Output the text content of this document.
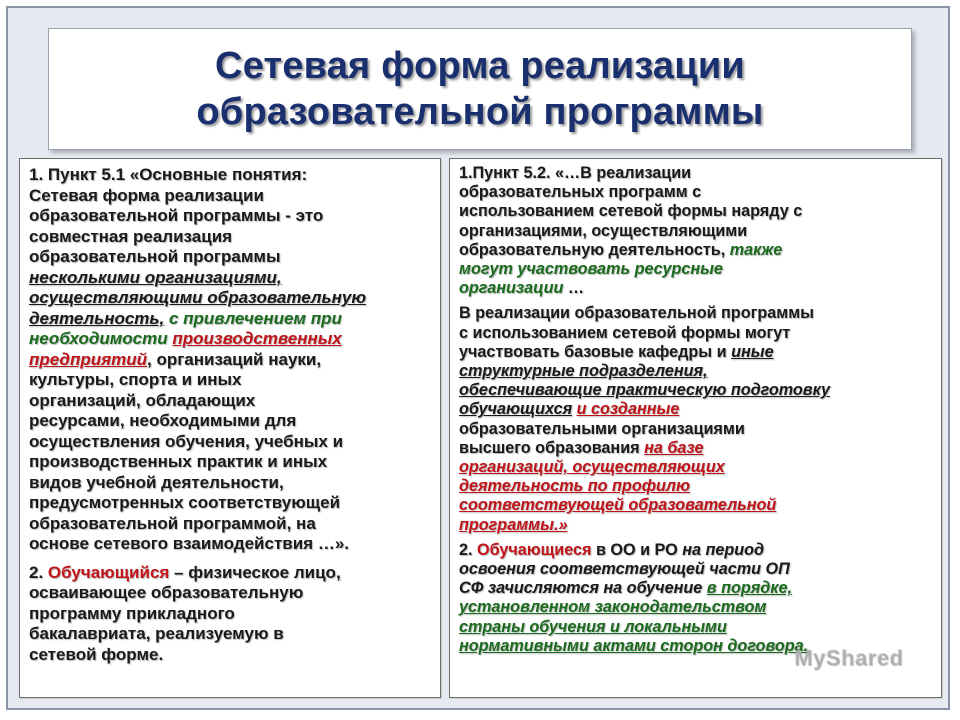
Сетевая форма реализации
образовательной программы
1. Пункт 5.1 «Основные понятия:
Сетевая форма реализации
образовательной программы - это
совместная реализация
образовательной программы
несколькими организациями,
осуществляющими образовательную
деятельность, с привлечением при
необходимости производственных
предприятий, организаций науки,
культуры, спорта и иных
организаций, обладающих
ресурсами, необходимыми для
осуществления обучения, учебных и
производственных практик и иных
видов учебной деятельности,
предусмотренных соответствующей
образовательной программой, на
основе сетевого взаимодействия …».
2. Обучающийся – физическое лицо,
осваивающее образовательную
программу прикладного
бакалавриата, реализуемую в
сетевой форме.
1.Пункт 5.2. «…В реализации
образовательных программ с
использованием сетевой формы наряду с
организациями, осуществляющими
образовательную деятельность, также
могут участвовать ресурсные
организации …
В реализации образовательной программы
с использованием сетевой формы могут
участвовать базовые кафедры и иные
структурные подразделения,
обеспечивающие практическую подготовку
обучающихся и созданные
образовательными организациями
высшего образования на базе
организаций, осуществляющих
деятельность по профилю
соответствующей образовательной
программы.»
2. Обучающиеся в ОО и РО на период
освоения соответствующей части ОП
СФ зачисляются на обучение в порядке,
установленном законодательством
страны обучения и локальными
нормативными актами сторон договора.
MyShared
